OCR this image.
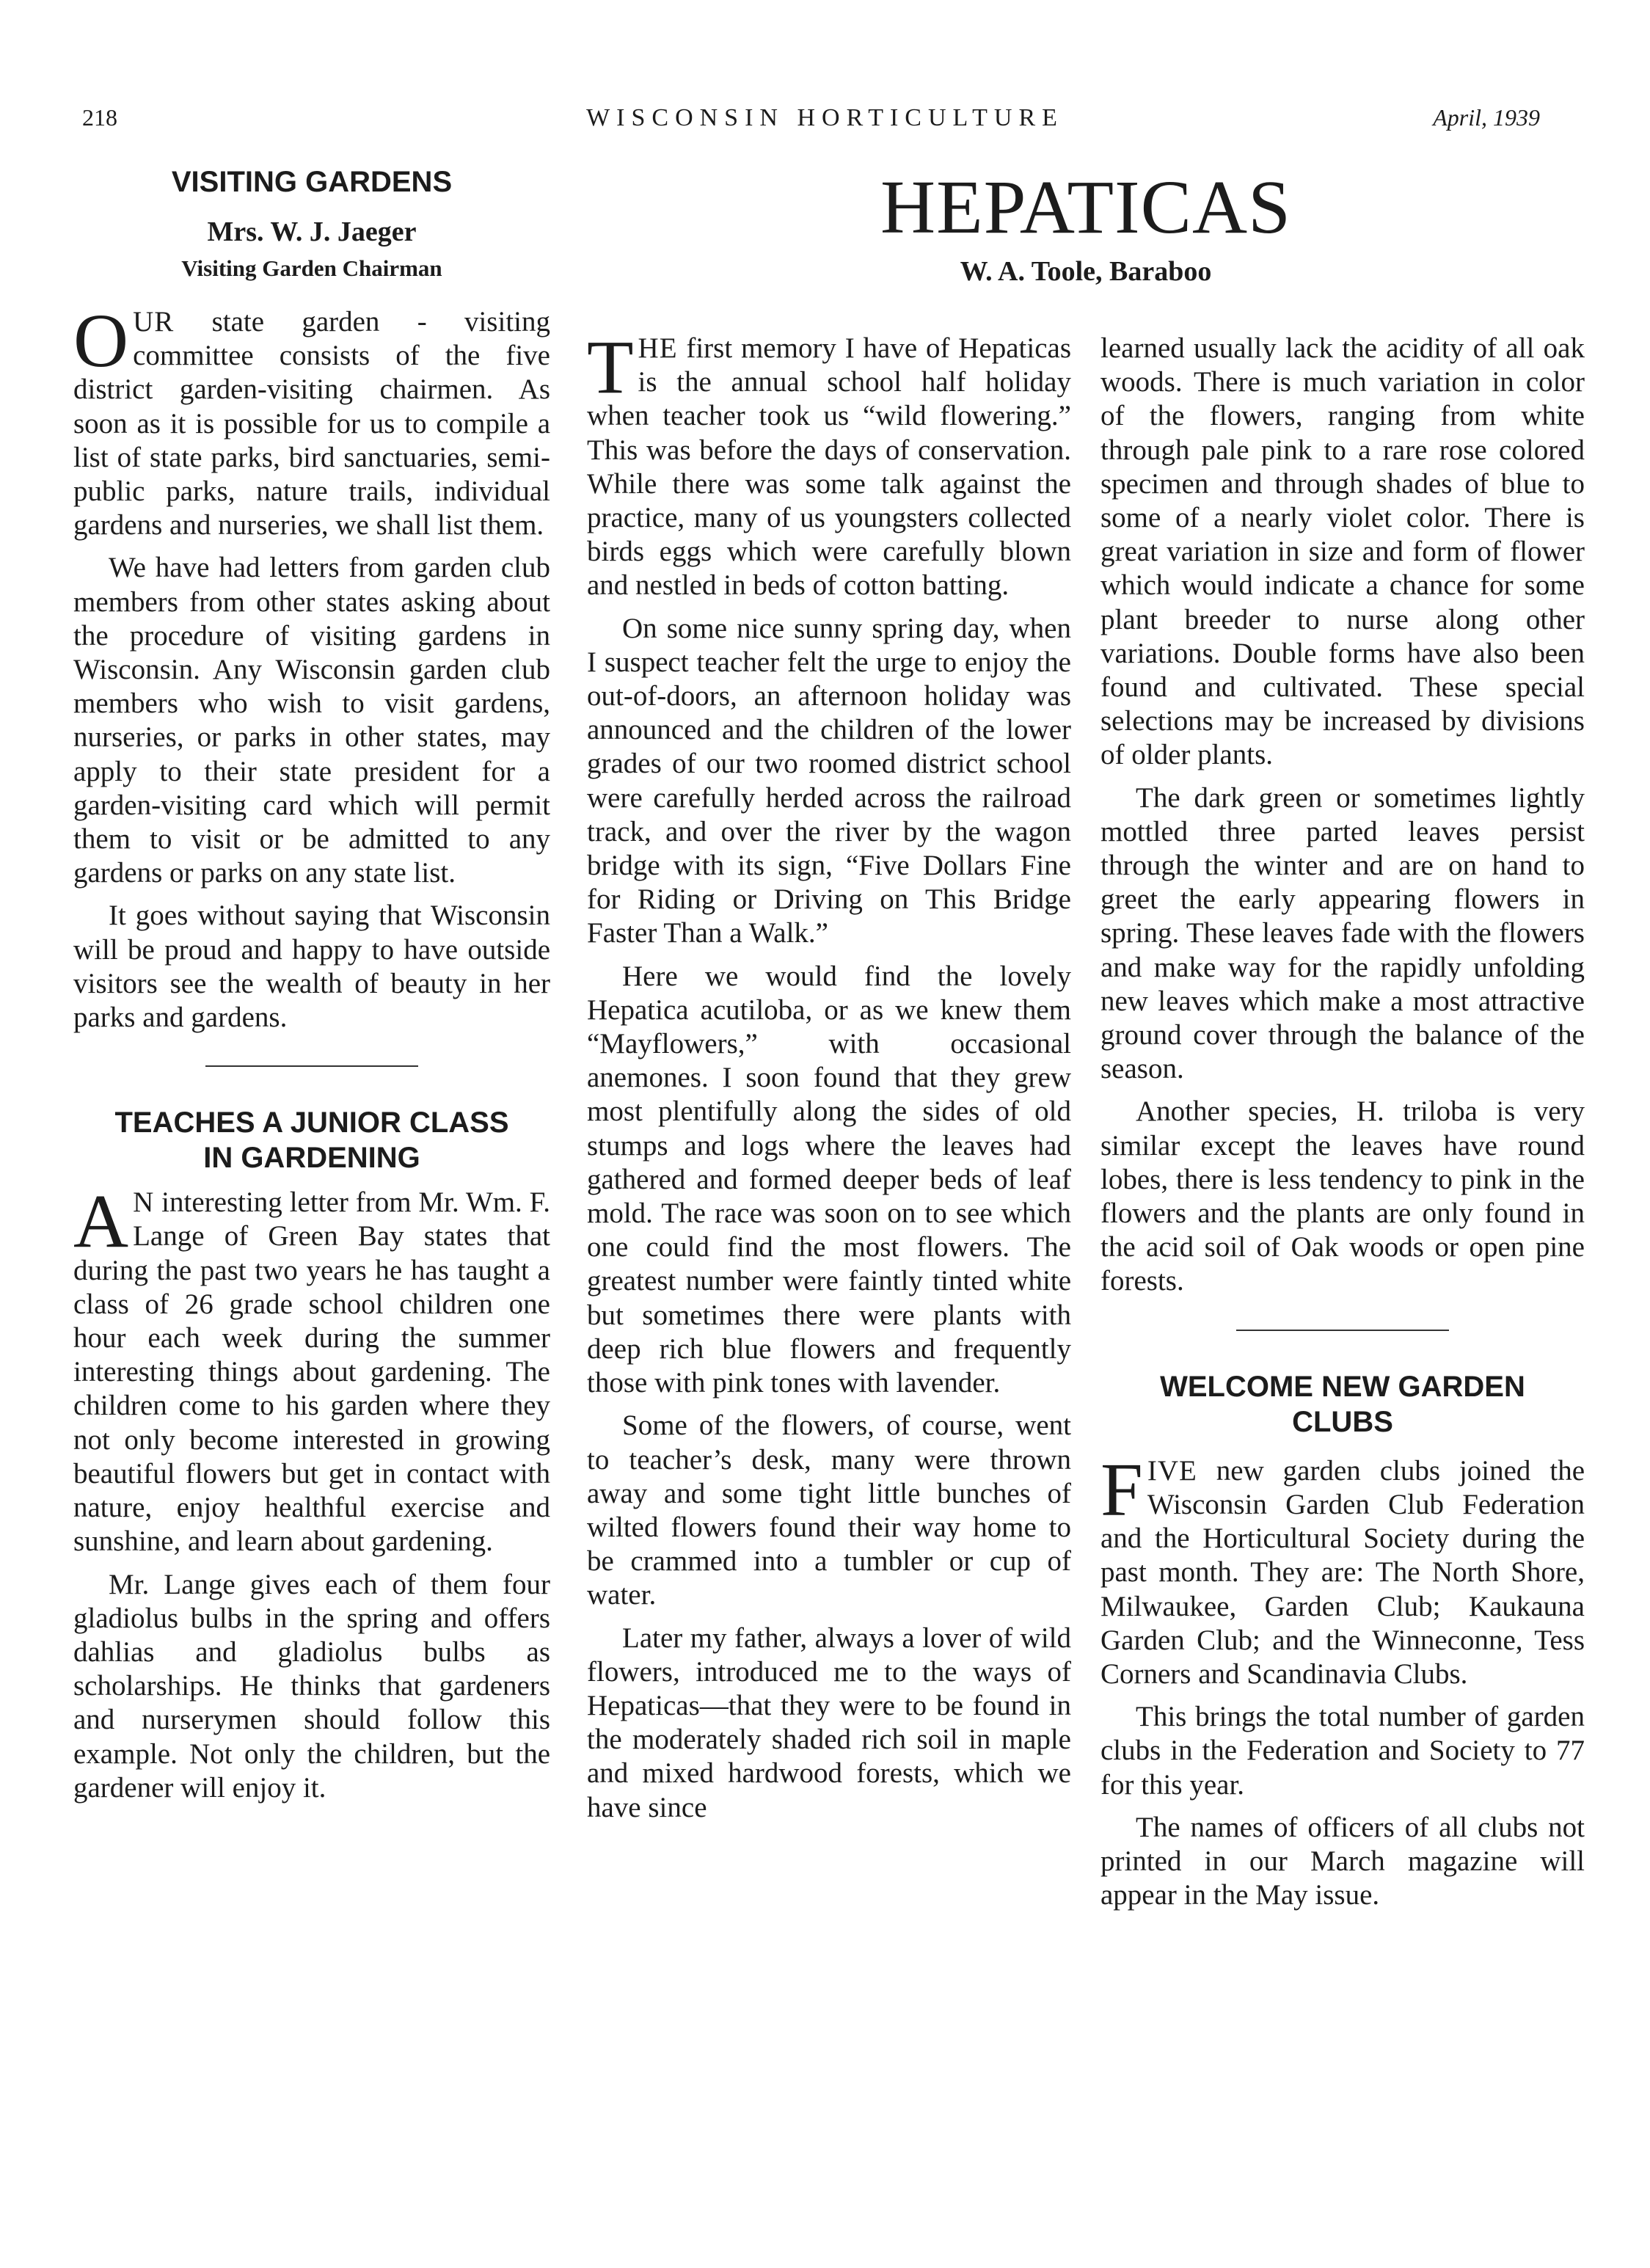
218	WISCONSIN HORTICULTURE	April, 1939
HEPATICAS
W. A. Toole, Baraboo
VISITING GARDENS
Mrs. W. J. Jaeger
Visiting Garden Chairman

OUR state garden - visiting committee consists of the five district garden-visiting chairmen. As soon as it is possible for us to compile a list of state parks, bird sanctuaries, semi-public parks, nature trails, individual gardens and nurseries, we shall list them.

We have had letters from garden club members from other states asking about the procedure of visiting gardens in Wisconsin. Any Wisconsin garden club members who wish to visit gardens, nurseries, or parks in other states, may apply to their state president for a garden-visiting card which will permit them to visit or be admitted to any gardens or parks on any state list.

It goes without saying that Wisconsin will be proud and happy to have outside visitors see the wealth of beauty in her parks and gardens.

TEACHES A JUNIOR CLASS
IN GARDENING

A N interesting letter from Mr. Wm. F. Lange of Green Bay states that during the past two years he has taught a class of 26 grade school children one hour each week during the summer interesting things about gardening. The children come to his garden where they not only become interested in growing beautiful flowers but get in contact with nature, enjoy healthful exercise and sunshine, and learn about gardening.

Mr. Lange gives each of them four gladiolus bulbs in the spring and offers dahlias and gladiolus bulbs as scholarships. He thinks that gardeners and nurserymen should follow this example. Not only the children, but the gardener will enjoy it.

THE first memory I have of Hepaticas is the annual school half holiday when teacher took us “wild flowering.” This was before the days of conservation. While there was some talk against the practice, many of us youngsters collected birds eggs which were carefully blown and nestled in beds of cotton batting.

On some nice sunny spring day, when I suspect teacher felt the urge to enjoy the out-of-doors, an afternoon holiday was announced and the children of the lower grades of our two roomed district school were carefully herded across the railroad track, and over the river by the wagon bridge with its sign, “Five Dollars Fine for Riding or Driving on This Bridge Faster Than a Walk.”

Here we would find the lovely Hepatica acutiloba, or as we knew them “Mayflowers,” with occasional anemones. I soon found that they grew most plentifully along the sides of old stumps and logs where the leaves had gathered and formed deeper beds of leaf mold. The race was soon on to see which one could find the most flowers. The greatest number were faintly tinted white but sometimes there were plants with deep rich blue flowers and frequently those with pink tones with lavender.

Some of the flowers, of course, went to teacher’s desk, many were thrown away and some tight little bunches of wilted flowers found their way home to be crammed into a tumbler or cup of water.

Later my father, always a lover of wild flowers, introduced me to the ways of Hepaticas—that they were to be found in the moderately shaded rich soil in maple and mixed hardwood forests, which we have since

learned usually lack the acidity of all oak woods. There is much variation in color of the flowers, ranging from white through pale pink to a rare rose colored specimen and through shades of blue to some of a nearly violet color. There is great variation in size and form of flower which would indicate a chance for some plant breeder to nurse along other variations. Double forms have also been found and cultivated. These special selections may be increased by divisions of older plants.

The dark green or sometimes lightly mottled three parted leaves persist through the winter and are on hand to greet the early appearing flowers in spring. These leaves fade with the flowers and make way for the rapidly unfolding new leaves which make a most attractive ground cover through the balance of the season.

Another species, H. triloba is very similar except the leaves have round lobes, there is less tendency to pink in the flowers and the plants are only found in the acid soil of Oak woods or open pine forests.

WELCOME NEW GARDEN
CLUBS

FIVE new garden clubs joined the Wisconsin Garden Club Federation and the Horticultural Society during the past month. They are: The North Shore, Milwaukee, Garden Club; Kaukauna Garden Club; and the Winneconne, Tess Corners and Scandinavia Clubs.

This brings the total number of garden clubs in the Federation and Society to 77 for this year.

The names of officers of all clubs not printed in our March magazine will appear in the May issue.
